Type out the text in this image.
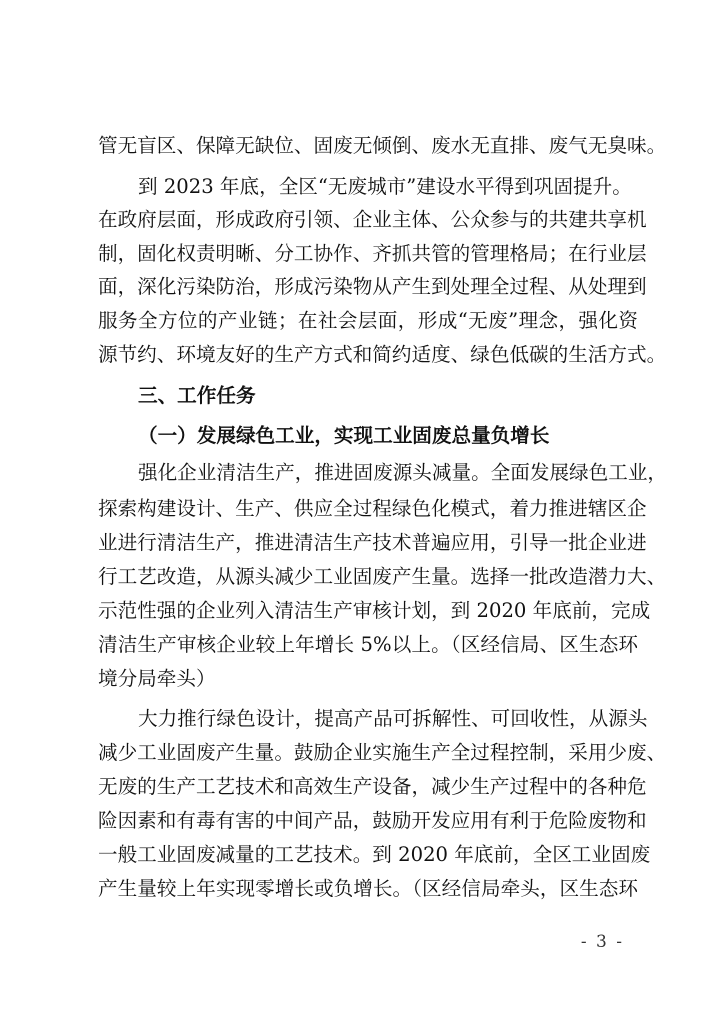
管无盲区、保障无缺位、固废无倾倒、废水无直排、废气无臭味。
到 2023 年底，全区“无废城市”建设水平得到巩固提升。
在政府层面，形成政府引领、企业主体、公众参与的共建共享机
制，固化权责明晰、分工协作、齐抓共管的管理格局；在行业层
面，深化污染防治，形成污染物从产生到处理全过程、从处理到
服务全方位的产业链；在社会层面，形成“无废”理念，强化资
源节约、环境友好的生产方式和简约适度、绿色低碳的生活方式。
三、工作任务
（一）发展绿色工业，实现工业固废总量负增长
强化企业清洁生产，推进固废源头减量。全面发展绿色工业，
探索构建设计、生产、供应全过程绿色化模式，着力推进辖区企
业进行清洁生产，推进清洁生产技术普遍应用，引导一批企业进
行工艺改造，从源头减少工业固废产生量。选择一批改造潜力大、
示范性强的企业列入清洁生产审核计划，到 2020 年底前，完成
清洁生产审核企业较上年增长 5%以上。（区经信局、区生态环
境分局牵头）
大力推行绿色设计，提高产品可拆解性、可回收性，从源头
减少工业固废产生量。鼓励企业实施生产全过程控制，采用少废、
无废的生产工艺技术和高效生产设备，减少生产过程中的各种危
险因素和有毒有害的中间产品，鼓励开发应用有利于危险废物和
一般工业固废减量的工艺技术。到 2020 年底前，全区工业固废
产生量较上年实现零增长或负增长。（区经信局牵头，区生态环
- 3 -
